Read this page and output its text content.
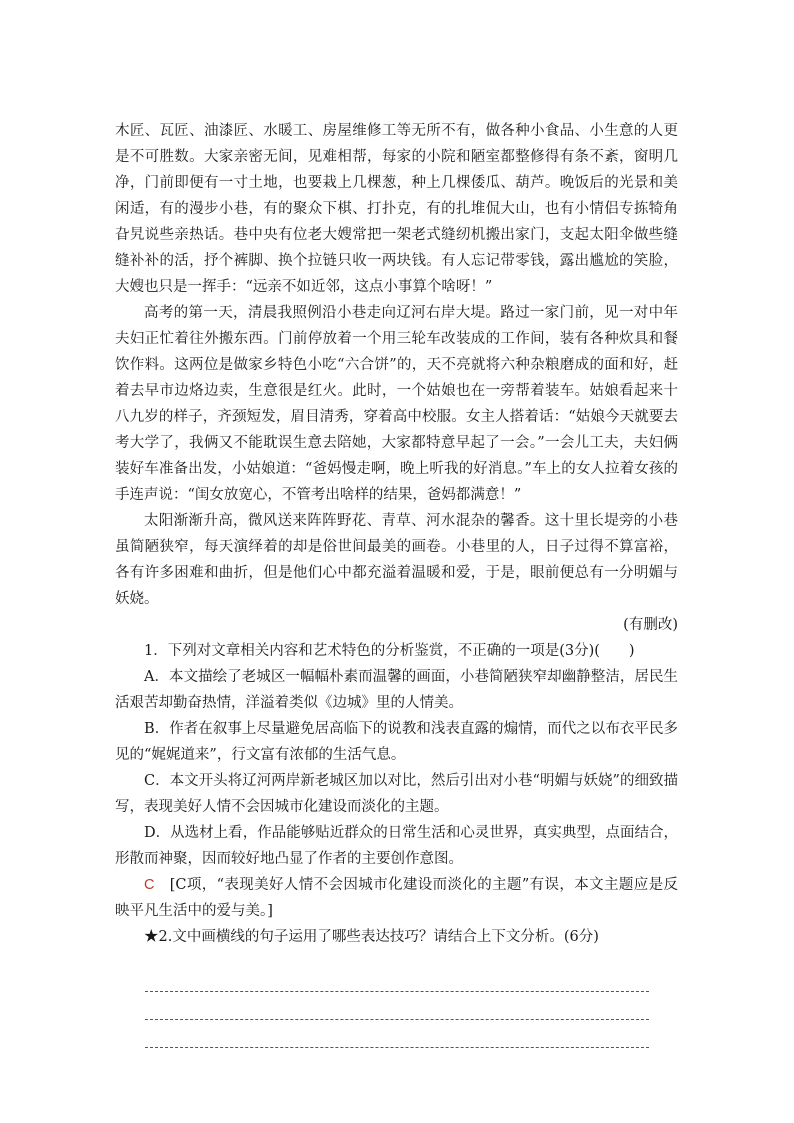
木匠、瓦匠、油漆匠、水暖工、房屋维修工等无所不有，做各种小食品、小生意的人更是不可胜数。大家亲密无间，见难相帮，每家的小院和陋室都整修得有条不紊，窗明几净，门前即便有一寸土地，也要栽上几棵葱，种上几棵倭瓜、葫芦。晚饭后的光景和美闲适，有的漫步小巷，有的聚众下棋、打扑克，有的扎堆侃大山，也有小情侣专拣犄角旮旯说些亲热话。巷中央有位老大嫂常把一架老式缝纫机搬出家门，支起太阳伞做些缝缝补补的活，抒个裤脚、换个拉链只收一两块钱。有人忘记带零钱，露出尴尬的笑脸，大嫂也只是一挥手：“远亲不如近邻，这点小事算个啥呀！”

高考的第一天，清晨我照例沿小巷走向辽河右岸大堤。路过一家门前，见一对中年夫妇正忙着往外搬东西。门前停放着一个用三轮车改装成的工作间，装有各种炊具和餐饮作料。这两位是做家乡特色小吃“六合饼”的，天不亮就将六种杂粮磨成的面和好，赶着去早市边烙边卖，生意很是红火。此时，一个姑娘也在一旁帮着装车。姑娘看起来十八九岁的样子，齐颈短发，眉目清秀，穿着高中校服。女主人搭着话：“姑娘今天就要去考大学了，我俩又不能耽误生意去陪她，大家都特意早起了一会。”一会儿工夫，夫妇俩装好车准备出发，小姑娘道：“爸妈慢走啊，晚上听我的好消息。”车上的女人拉着女孩的手连声说：“闺女放宽心，不管考出啥样的结果，爸妈都满意！”

太阳渐渐升高，微风送来阵阵野花、青草、河水混杂的馨香。这十里长堤旁的小巷虽简陋狭窄，每天演绎着的却是俗世间最美的画卷。小巷里的人，日子过得不算富裕，各有许多困难和曲折，但是他们心中都充溢着温暖和爱，于是，眼前便总有一分明媚与妖娆。

(有删改)

1．下列对文章相关内容和艺术特色的分析鉴赏，不正确的一项是(3分)(　　)

A．本文描绘了老城区一幅幅朴素而温馨的画面，小巷简陋狭窄却幽静整洁，居民生活艰苦却勤奋热情，洋溢着类似《边城》里的人情美。

B．作者在叙事上尽量避免居高临下的说教和浅表直露的煽情，而代之以布衣平民多见的“娓娓道来”，行文富有浓郁的生活气息。

C．本文开头将辽河两岸新老城区加以对比，然后引出对小巷“明媚与妖娆”的细致描写，表现美好人情不会因城市化建设而淡化的主题。

D．从选材上看，作品能够贴近群众的日常生活和心灵世界，真实典型，点面结合，形散而神聚，因而较好地凸显了作者的主要创作意图。

C　 [C项，“表现美好人情不会因城市化建设而淡化的主题”有误，本文主题应是反映平凡生活中的爱与美。]

★2.文中画横线的句子运用了哪些表达技巧？请结合上下文分析。(6分)
